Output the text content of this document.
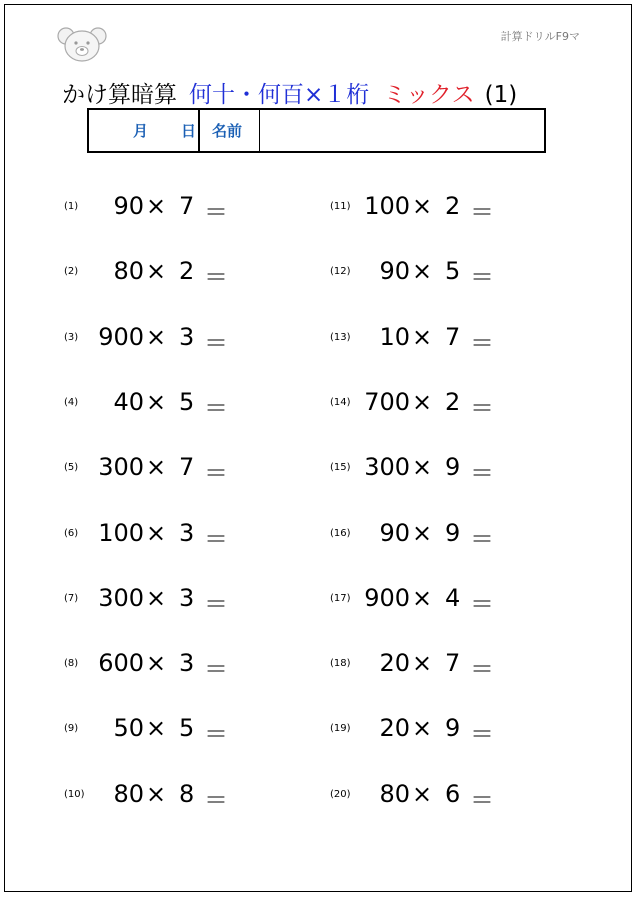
計算ドリルF9マ
かけ算暗算 何十・何百×１桁 ミックス (1)
月 日 名前
(1)	90 × 7 ＝
(2)	80 × 2 ＝
(3) 900 × 3 ＝
(4)	40 × 5 ＝
(5) 300 × 7 ＝
(6) 100 × 3 ＝
(7) 300 × 3 ＝
(8) 600 × 3 ＝
(9)	50 × 5 ＝
(10)	80 × 8 ＝
(11) 100 × 2 ＝
(12)	90 × 5 ＝
(13)	10 × 7 ＝
(14) 700 × 2 ＝
(15) 300 × 9 ＝
(16)	90 × 9 ＝
(17) 900 × 4 ＝
(18)	20 × 7 ＝
(19)	20 × 9 ＝
(20)	80 × 6 ＝
